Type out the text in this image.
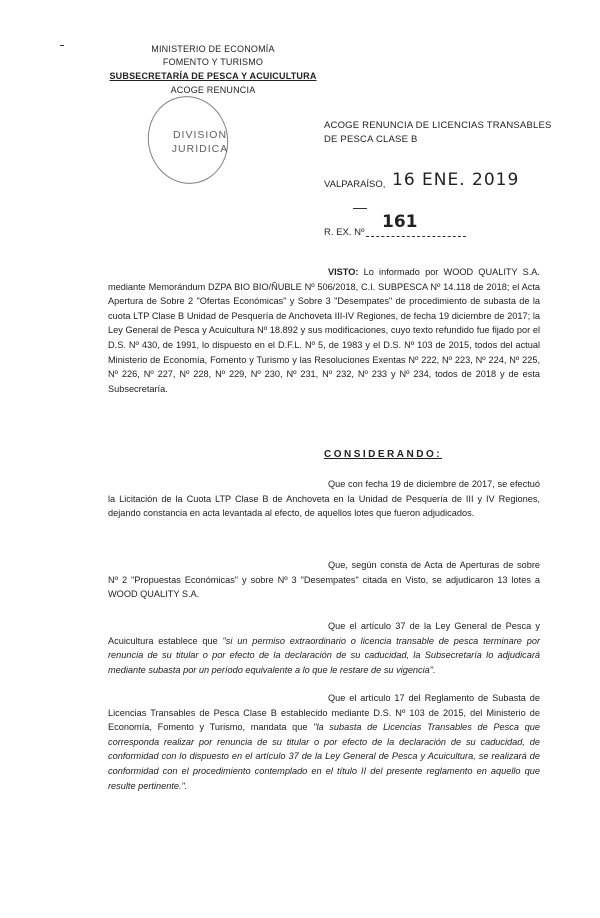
MINISTERIO DE ECONOMÍA
FOMENTO Y TURISMO
SUBSECRETARÍA DE PESCA Y ACUICULTURA
ACOGE RENUNCIA
DIVISION
JURIDICA
ACOGE RENUNCIA DE LICENCIAS TRANSABLES DE PESCA CLASE B
VALPARAÍSO, 16 ENE. 2019
R. EX. Nº
161
VISTO: Lo informado por WOOD QUALITY S.A. mediante Memorándum DZPA BIO BIO/ÑUBLE Nº 506/2018, C.I. SUBPESCA Nº 14.118 de 2018; el Acta Apertura de Sobre 2 "Ofertas Económicas" y Sobre 3 "Desempates" de procedimiento de subasta de la cuota LTP Clase B Unidad de Pesquería de Anchoveta III-IV Regiones, de fecha 19 diciembre de 2017; la Ley General de Pesca y Acuicultura Nº 18.892 y sus modificaciones, cuyo texto refundido fue fijado por el D.S. Nº 430, de 1991, lo dispuesto en el D.F.L. Nº 5, de 1983 y el D.S. Nº 103 de 2015, todos del actual Ministerio de Economía, Fomento y Turismo y las Resoluciones Exentas Nº 222, Nº 223, Nº 224, Nº 225, Nº 226, Nº 227, Nº 228, Nº 229, Nº 230, Nº 231, Nº 232, Nº 233 y Nº 234, todos de 2018 y de esta Subsecretaría.
CONSIDERANDO:
Que con fecha 19 de diciembre de 2017, se efectuó la Licitación de la Cuota LTP Clase B de Anchoveta en la Unidad de Pesquería de III y IV Regiones, dejando constancia en acta levantada al efecto, de aquellos lotes que fueron adjudicados.
Que, según consta de Acta de Aperturas de sobre Nº 2 "Propuestas Económicas" y sobre Nº 3 "Desempates" citada en Visto, se adjudicaron 13 lotes a WOOD QUALITY S.A.
Que el artículo 37 de la Ley General de Pesca y Acuicultura establece que "si un permiso extraordinario o licencia transable de pesca terminare por renuncia de su titular o por efecto de la declaración de su caducidad, la Subsecretaría lo adjudicará mediante subasta por un período equivalente a lo que le restare de su vigencia".
Que el artículo 17 del Reglamento de Subasta de Licencias Transables de Pesca Clase B establecido mediante D.S. Nº 103 de 2015, del Ministerio de Economía, Fomento y Turismo, mandata que "la subasta de Licencias Transables de Pesca que corresponda realizar por renuncia de su titular o por efecto de la declaración de su caducidad, de conformidad con lo dispuesto en el artículo 37 de la Ley General de Pesca y Acuicultura, se realizará de conformidad con el procedimiento contemplado en el título II del presente reglamento en aquello que resulte pertinente.".
